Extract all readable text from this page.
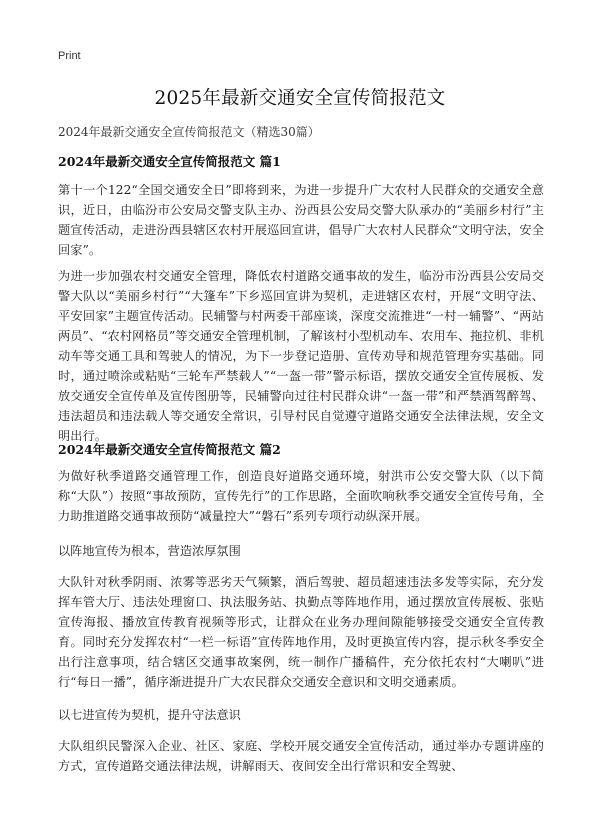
Print
2025年最新交通安全宣传简报范文
2024年最新交通安全宣传简报范文（精选30篇）
2024年最新交通安全宣传简报范文 篇1
第十一个122“全国交通安全日”即将到来，为进一步提升广大农村人民群众的交通安全意识，近日，由临汾市公安局交警支队主办、汾西县公安局交警大队承办的“美丽乡村行”主题宣传活动，走进汾西县辖区农村开展巡回宣讲，倡导广大农村人民群众“文明守法，安全回家”。
为进一步加强农村交通安全管理，降低农村道路交通事故的发生，临汾市汾西县公安局交警大队以“美丽乡村行”“大篷车”下乡巡回宣讲为契机，走进辖区农村，开展“文明守法、平安回家”主题宣传活动。民辅警与村两委干部座谈，深度交流推进“一村一辅警”、“两站两员”、“农村网格员”等交通安全管理机制，了解该村小型机动车、农用车、拖拉机、非机动车等交通工具和驾驶人的情况，为下一步登记造册、宣传劝导和规范管理夯实基础。同时，通过喷涂或粘贴“三轮车严禁载人”“一盔一带”警示标语，摆放交通安全宣传展板、发放交通安全宣传单及宣传图册等，民辅警向过往村民群众讲“一盔一带”和严禁酒驾醉驾、违法超员和违法载人等交通安全常识，引导村民自觉遵守道路交通安全法律法规，安全文明出行。
2024年最新交通安全宣传简报范文 篇2
为做好秋季道路交通管理工作，创造良好道路交通环境，射洪市公安交警大队（以下简称“大队”）按照“事故预防，宣传先行”的工作思路，全面吹响秋季交通安全宣传号角，全力助推道路交通事故预防“减量控大”“磐石”系列专项行动纵深开展。
以阵地宣传为根本，营造浓厚氛围
大队针对秋季阴雨、浓雾等恶劣天气频繁，酒后驾驶、超员超速违法多发等实际，充分发挥车管大厅、违法处理窗口、执法服务站、执勤点等阵地作用，通过摆放宣传展板、张贴宣传海报、播放宣传教育视频等形式，让群众在业务办理间隙能够接受交通安全宣传教育。同时充分发挥农村“一栏一标语”宣传阵地作用，及时更换宣传内容，提示秋冬季安全出行注意事项，结合辖区交通事故案例，统一制作广播稿件，充分依托农村“大喇叭”进行“每日一播”，循序渐进提升广大农民群众交通安全意识和文明交通素质。
以七进宣传为契机，提升守法意识
大队组织民警深入企业、社区、家庭、学校开展交通安全宣传活动，通过举办专题讲座的方式，宣传道路交通法律法规，讲解雨天、夜间安全出行常识和安全驾驶、
